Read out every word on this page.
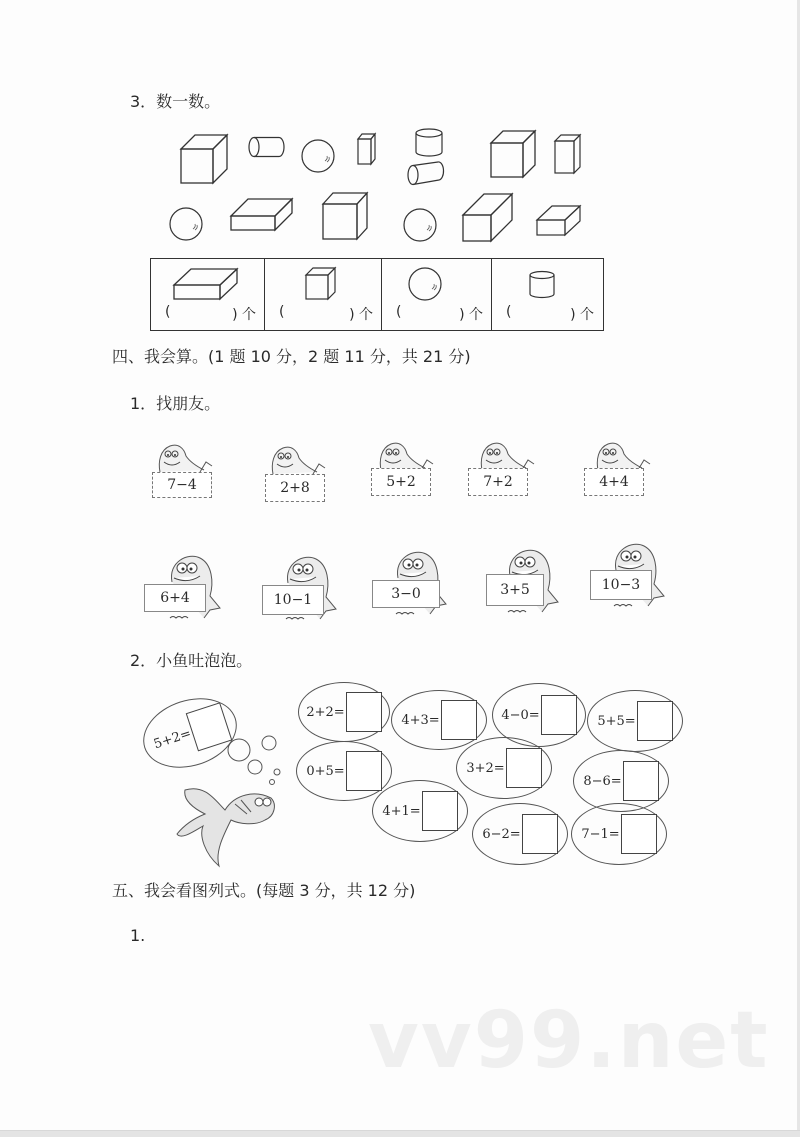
3．数一数。
(	) 个 (	) 个 (	) 个 (	) 个
四、我会算。(1 题 10 分，2 题 11 分，共 21 分)
1．找朋友。
7−4	2+8	5+2	7+2	4+4
6+4	10−1	3−0	3+5	10−3
2．小鱼吐泡泡。
5+2=
2+2=
4+3=	4−0=	5+5=
0+5=	3+2=
8−6=
4+1=
6−2=	7−1=
五、我会看图列式。(每题 3 分，共 12 分)
1.
vv99.net
